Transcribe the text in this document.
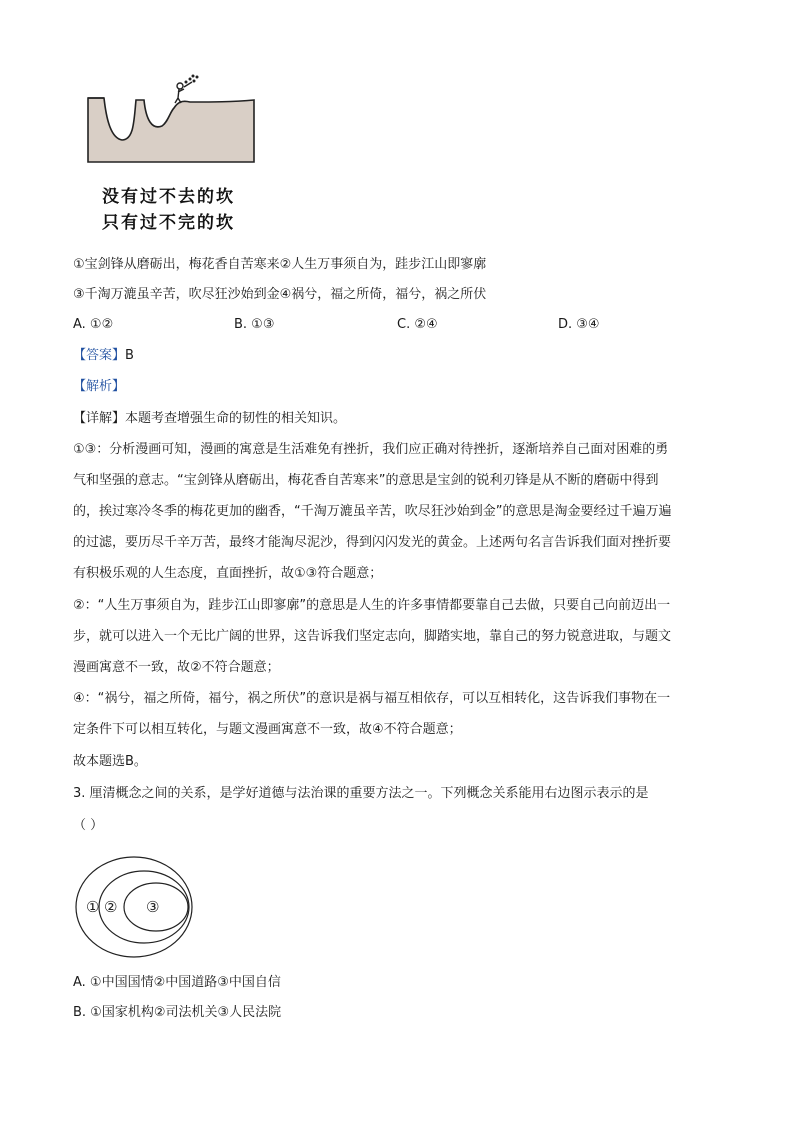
没有过不去的坎
只有过不完的坎
①宝剑锋从磨砺出，梅花香自苦寒来②人生万事须自为，跬步江山即寥廓
③千淘万漉虽辛苦，吹尽狂沙始到金④祸兮，福之所倚，福兮，祸之所伏
A. ①②	B. ①③	C. ②④	D. ③④
【答案】B
【解析】
【详解】本题考查增强生命的韧性的相关知识。
①③：分析漫画可知，漫画的寓意是生活难免有挫折，我们应正确对待挫折，逐渐培养自己面对困难的勇
气和坚强的意志。“宝剑锋从磨砺出，梅花香自苦寒来”的意思是宝剑的锐利刃锋是从不断的磨砺中得到
的，挨过寒冷冬季的梅花更加的幽香，“千淘万漉虽辛苦，吹尽狂沙始到金”的意思是淘金要经过千遍万遍
的过滤，要历尽千辛万苦，最终才能淘尽泥沙，得到闪闪发光的黄金。上述两句名言告诉我们面对挫折要
有积极乐观的人生态度，直面挫折，故①③符合题意；
②：“人生万事须自为，跬步江山即寥廓”的意思是人生的许多事情都要靠自己去做，只要自己向前迈出一
步，就可以进入一个无比广阔的世界，这告诉我们坚定志向，脚踏实地，靠自己的努力锐意进取，与题文
漫画寓意不一致，故②不符合题意；
④：“祸兮，福之所倚，福兮，祸之所伏”的意识是祸与福互相依存，可以互相转化，这告诉我们事物在一
定条件下可以相互转化，与题文漫画寓意不一致，故④不符合题意；
故本题选B。
3. 厘清概念之间的关系，是学好道德与法治课的重要方法之一。下列概念关系能用右边图示表示的是
（ ）
① ② ③
A. ①中国国情②中国道路③中国自信
B. ①国家机构②司法机关③人民法院
